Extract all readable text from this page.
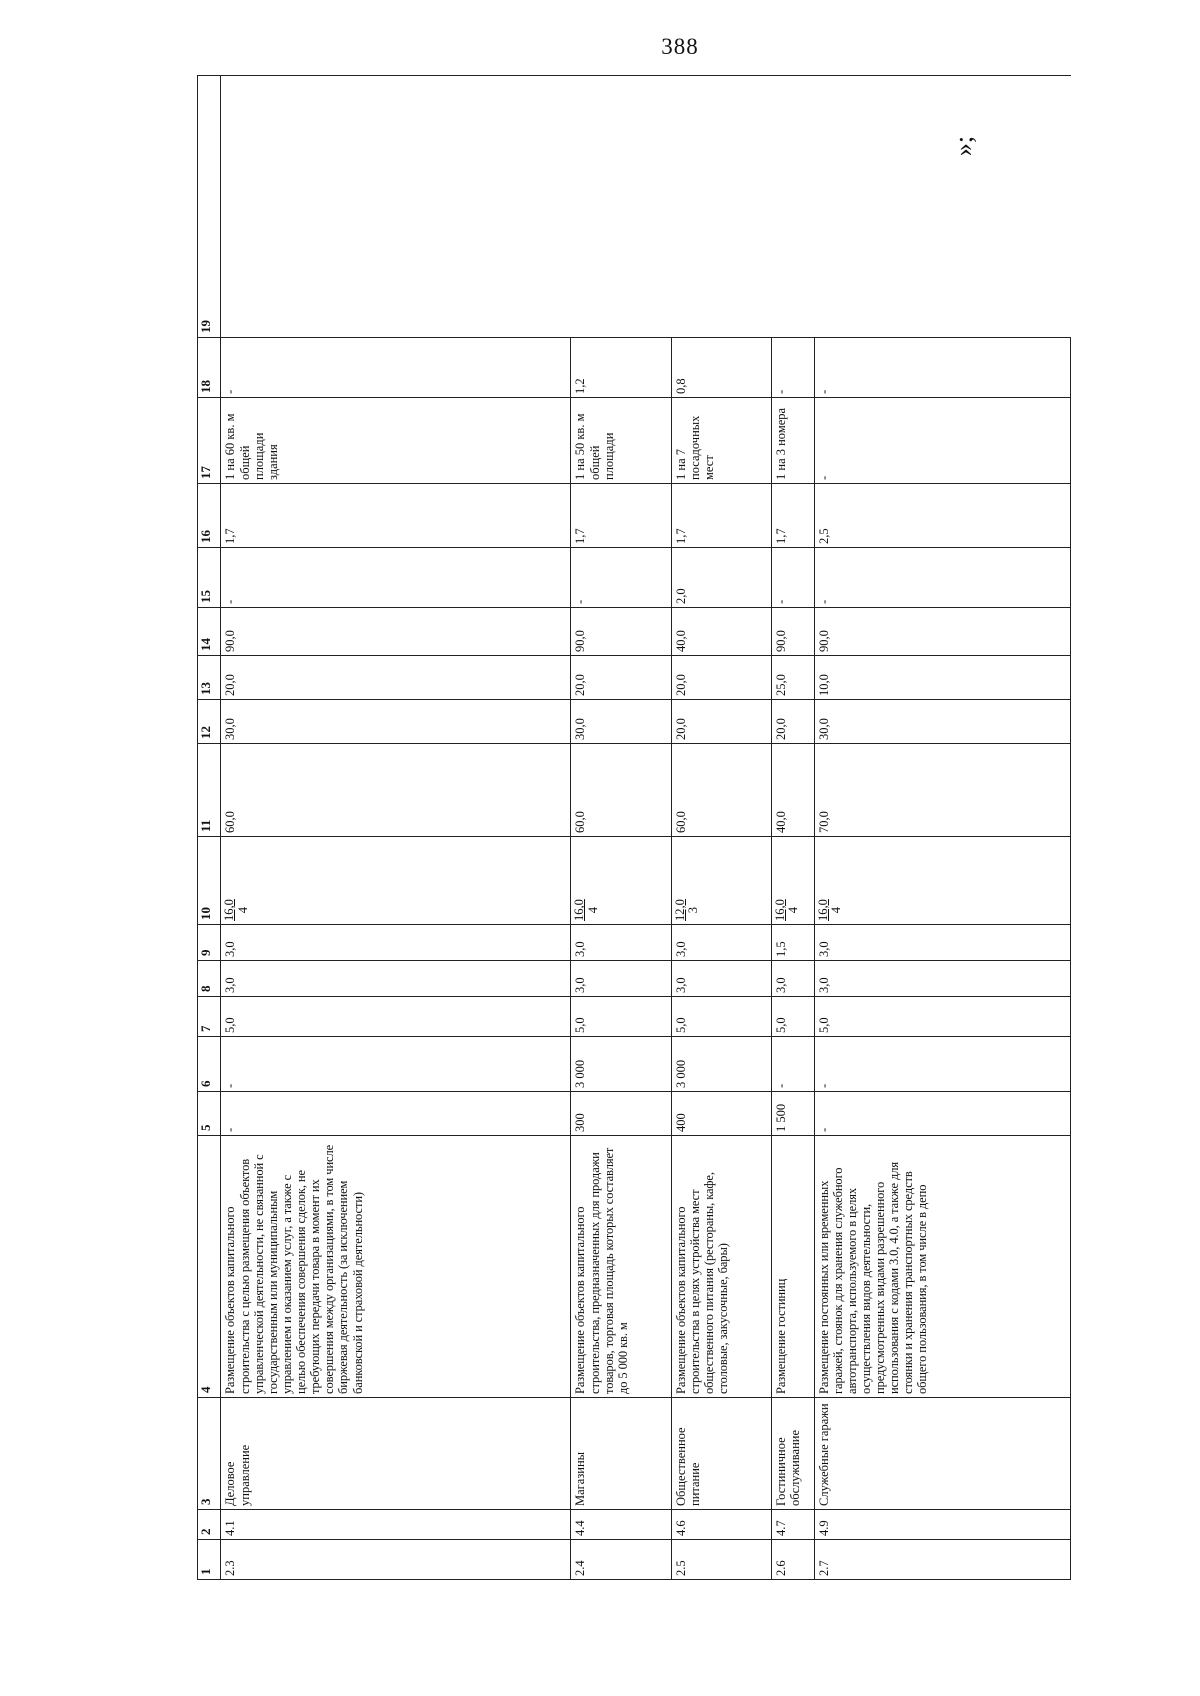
388
»;
1	2	3	4	5	6	7	8	9	10	11	12	13	14	15	16	17	18	19
2.3	4.1	Деловое управление	Размещение объектов капитального строительства с целью размещения объектов управленческой деятельности, не связанной с государственным или муниципальным управлением и оказанием услуг, а также с целью обеспечения совершения сделок, не требующих передачи товара в момент их совершения между организациями, в том числе биржевая деятельность (за исключением банковской и страховой деятельности)	-	-	5,0	3,0	3,0	16,0 4	60,0	30,0	20,0	90,0	-	1,7	1 на 60 кв. м общей площади здания	-	
2.4	4.4	Магазины	Размещение объектов капитального строительства, предназначенных для продажи товаров, торговая площадь которых составляет до 5 000 кв. м	300	3 000	5,0	3,0	3,0	16,0 4	60,0	30,0	20,0	90,0	-	1,7	1 на 50 кв. м общей площади	1,2	
2.5	4.6	Общественное питание	Размещение объектов капитального строительства в целях устройства мест общественного питания (рестораны, кафе, столовые, закусочные, бары)	400	3 000	5,0	3,0	3,0	12,0 3	60,0	20,0	20,0	40,0	2,0	1,7	1 на 7 посадочных мест	0,8	
2.6	4.7	Гостиничное обслуживание	Размещение гостиниц	1 500	-	5,0	3,0	1,5	16,0 4	40,0	20,0	25,0	90,0	-	1,7	1 на 3 номера	-	
2.7	4.9	Служебные гаражи	Размещение постоянных или временных гаражей, стоянок для хранения служебного автотранспорта, используемого в целях осуществления видов деятельности, предусмотренных видами разрешенного использования с кодами 3.0, 4.0, а также для стоянки и хранения транспортных средств общего пользования, в том числе в депо	-	-	5,0	3,0	3,0	16,0 4	70,0	30,0	10,0	90,0	-	2,5	-	-	
